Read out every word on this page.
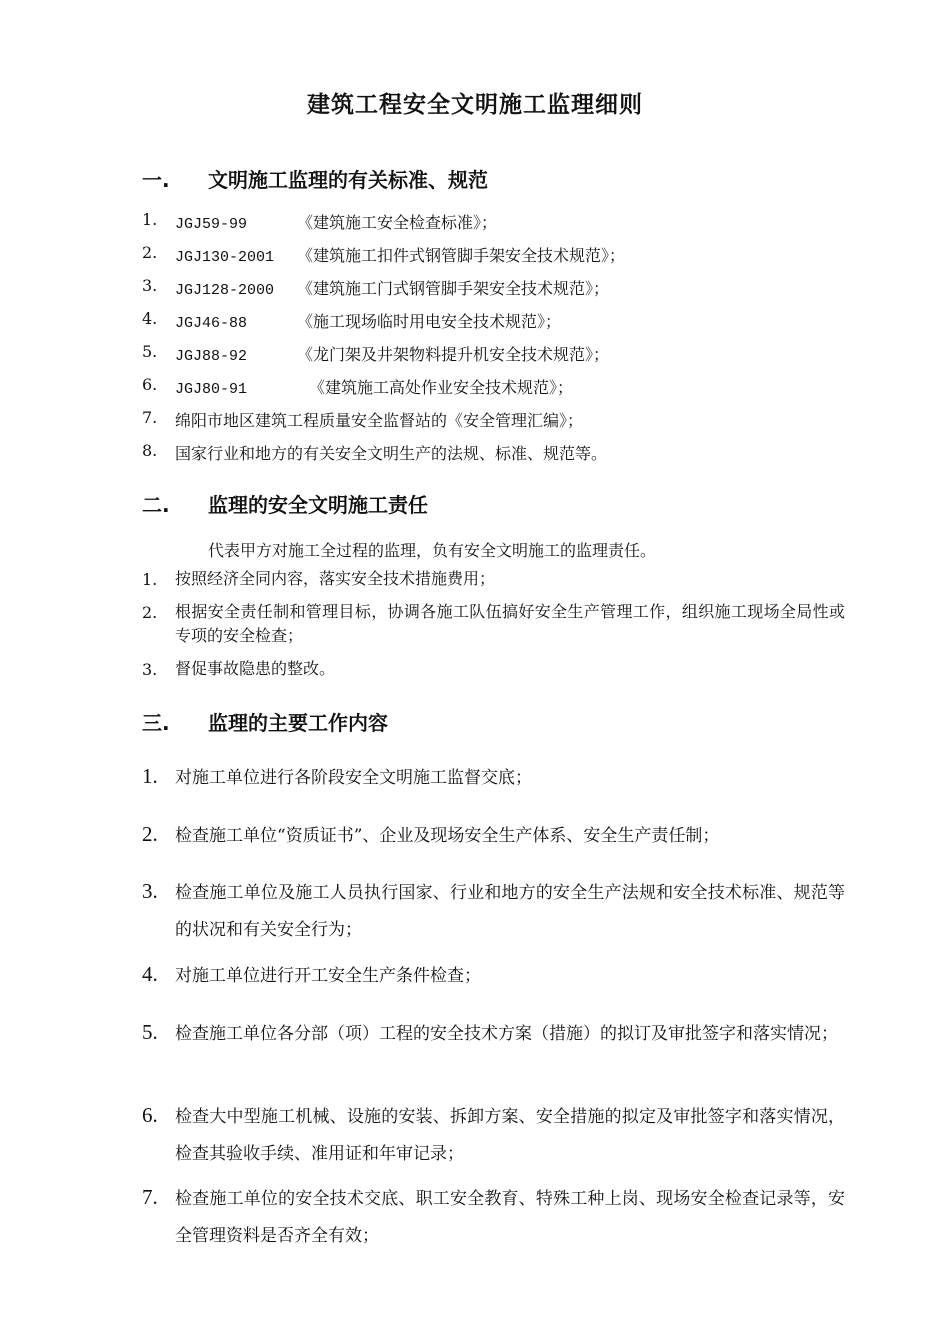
建筑工程安全文明施工监理细则
一. 文明施工监理的有关标准、规范
1. JGJ59-99	《建筑施工安全检查标准》；
2. JGJ130-2001 《建筑施工扣件式钢管脚手架安全技术规范》；
3. JGJ128-2000 《建筑施工门式钢管脚手架安全技术规范》；
4. JGJ46-88	《施工现场临时用电安全技术规范》；
5. JGJ88-92	《龙门架及井架物料提升机安全技术规范》；
6. JGJ80-91	《建筑施工高处作业安全技术规范》；
7. 绵阳市地区建筑工程质量安全监督站的《安全管理汇编》；
8. 国家行业和地方的有关安全文明生产的法规、标准、规范等。
二. 监理的安全文明施工责任
代表甲方对施工全过程的监理，负有安全文明施工的监理责任。
1. 按照经济全同内容，落实安全技术措施费用；
2. 根据安全责任制和管理目标，协调各施工队伍搞好安全生产管理工作，组织施工现场全局性或专项的安全检查；
3. 督促事故隐患的整改。
三. 监理的主要工作内容
1. 对施工单位进行各阶段安全文明施工监督交底；
2. 检查施工单位“资质证书”、企业及现场安全生产体系、安全生产责任制；
3. 检查施工单位及施工人员执行国家、行业和地方的安全生产法规和安全技术标准、规范等的状况和有关安全行为；
4. 对施工单位进行开工安全生产条件检查；
5. 检查施工单位各分部（项）工程的安全技术方案（措施）的拟订及审批签字和落实情况；
6. 检查大中型施工机械、设施的安装、拆卸方案、安全措施的拟定及审批签字和落实情况，检查其验收手续、准用证和年审记录；
7. 检查施工单位的安全技术交底、职工安全教育、特殊工种上岗、现场安全检查记录等，安全管理资料是否齐全有效；
